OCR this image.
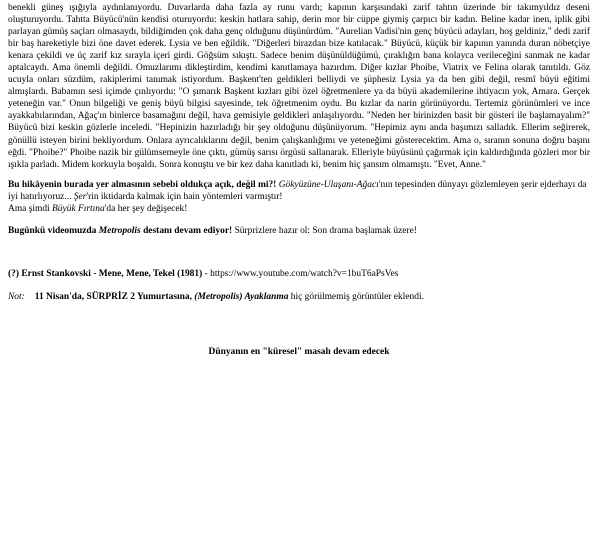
benekli güneş ışığıyla aydınlanıyordu. Duvarlarda daha fazla ay runu vardı; kapının karşısındaki zarif tahtın üzerinde bir takımyıldız deseni oluşturuyordu. Tahtta Büyücü'nün kendisi oturuyordu: keskin hatlara sahip, derin mor bir cüppe giymiş çarpıcı bir kadın. Beline kadar inen, iplik gibi parlayan gümüş saçları olmasaydı, bildiğimden çok daha genç olduğunu düşünürdüm. "Aurelian Vadisi'nin genç büyücü adayları, hoş geldiniz," dedi zarif bir baş hareketiyle bizi öne davet ederek. Lysia ve ben eğildik. "Diğerleri birazdan bize katılacak." Büyücü, küçük bir kapının yanında duran nöbetçiye kenara çekildi ve üç zarif kız sırayla içeri girdi. Göğsüm sıkıştı. Sadece benim düşünüldüğümü, çıraklığın bana kolayca verileceğini sanmak ne kadar aptalcaydı. Ama önemli değildi. Omuzlarımı dikleştirdim, kendimi kanıtlamaya hazırdım. Diğer kızlar Phoibe, Viatrix ve Felina olarak tanıtıldı. Göz ucuyla onları süzdüm, rakiplerimi tanımak istiyordum. Başkent'ten geldikleri belliydi ve şüphesiz Lysia ya da ben gibi değil, resmî büyü eğitimi almışlardı. Babamın sesi içimde çınlıyordu: "O şımarık Başkent kızları gibi özel öğretmenlere ya da büyü akademilerine ihtiyacın yok, Amara. Gerçek yeteneğin var." Onun bilgeliği ve geniş büyü bilgisi sayesinde, tek öğretmenim oydu. Bu kızlar da narin görünüyordu. Tertemiz görünümleri ve ince ayakkabılarından, Ağaç'ın binlerce basamağını değil, hava gemisiyle geldikleri anlaşılıyordu. "Neden her birinizden basit bir gösteri ile başlamayalım?" Büyücü bizi keskin gözlerle inceledi. "Hepinizin hazırladığı bir şey olduğunu düşünüyorum. "Hepimiz aynı anda başımızı salladık. Ellerim seğirerek, gönüllü isteyen birini bekliyordum. Onlara ayrıcalıklarını değil, benim çalışkanlığımı ve yeteneğimi gösterecektim. Ama o, sıranın sonuna doğru başını eğdi. "Phoibe?" Phoibe nazik bir gülümsemeyle öne çıktı, gümüş sarısı örgüsü sallanarak. Elleriyle büyüsünü çağırmak için kaldırdığında gözleri mor bir ışıkla parladı. Midem korkuyla boşaldı. Sonra konuştu ve bir kez daha kanıtladı ki, benim hiç şansım olmamıştı. "Evet, Anne."

Bu hikâyenin burada yer almasının sebebi oldukça açık, değil mi?! Gökyüzüne-Ulaşanı-Ağacı'nın tepesinden dünyayı gözlemleyen şerir ejderhayı da iyi hatırlıyoruz... Şer'rin iktidarda kalmak için hain yöntemleri varmıştır!
Ama şimdi Büyük Fırtına'da her şey değişecek!

Bugünkü videomuzda Metropolis destanı devam ediyor! Sürprizlere hazır ol: Son drama başlamak üzere!

(?) Ernst Stankovski - Mene, Mene, Tekel (1981) - https://www.youtube.com/watch?v=1buT6aPsVes

Not: 11 Nisan'da, SÜRPRİZ 2 Yumurtasına, (Metropolis) Ayaklanma hiç görülmemiş görüntüler eklendi.

Dünyanın en "küresel" masalı devam edecek
